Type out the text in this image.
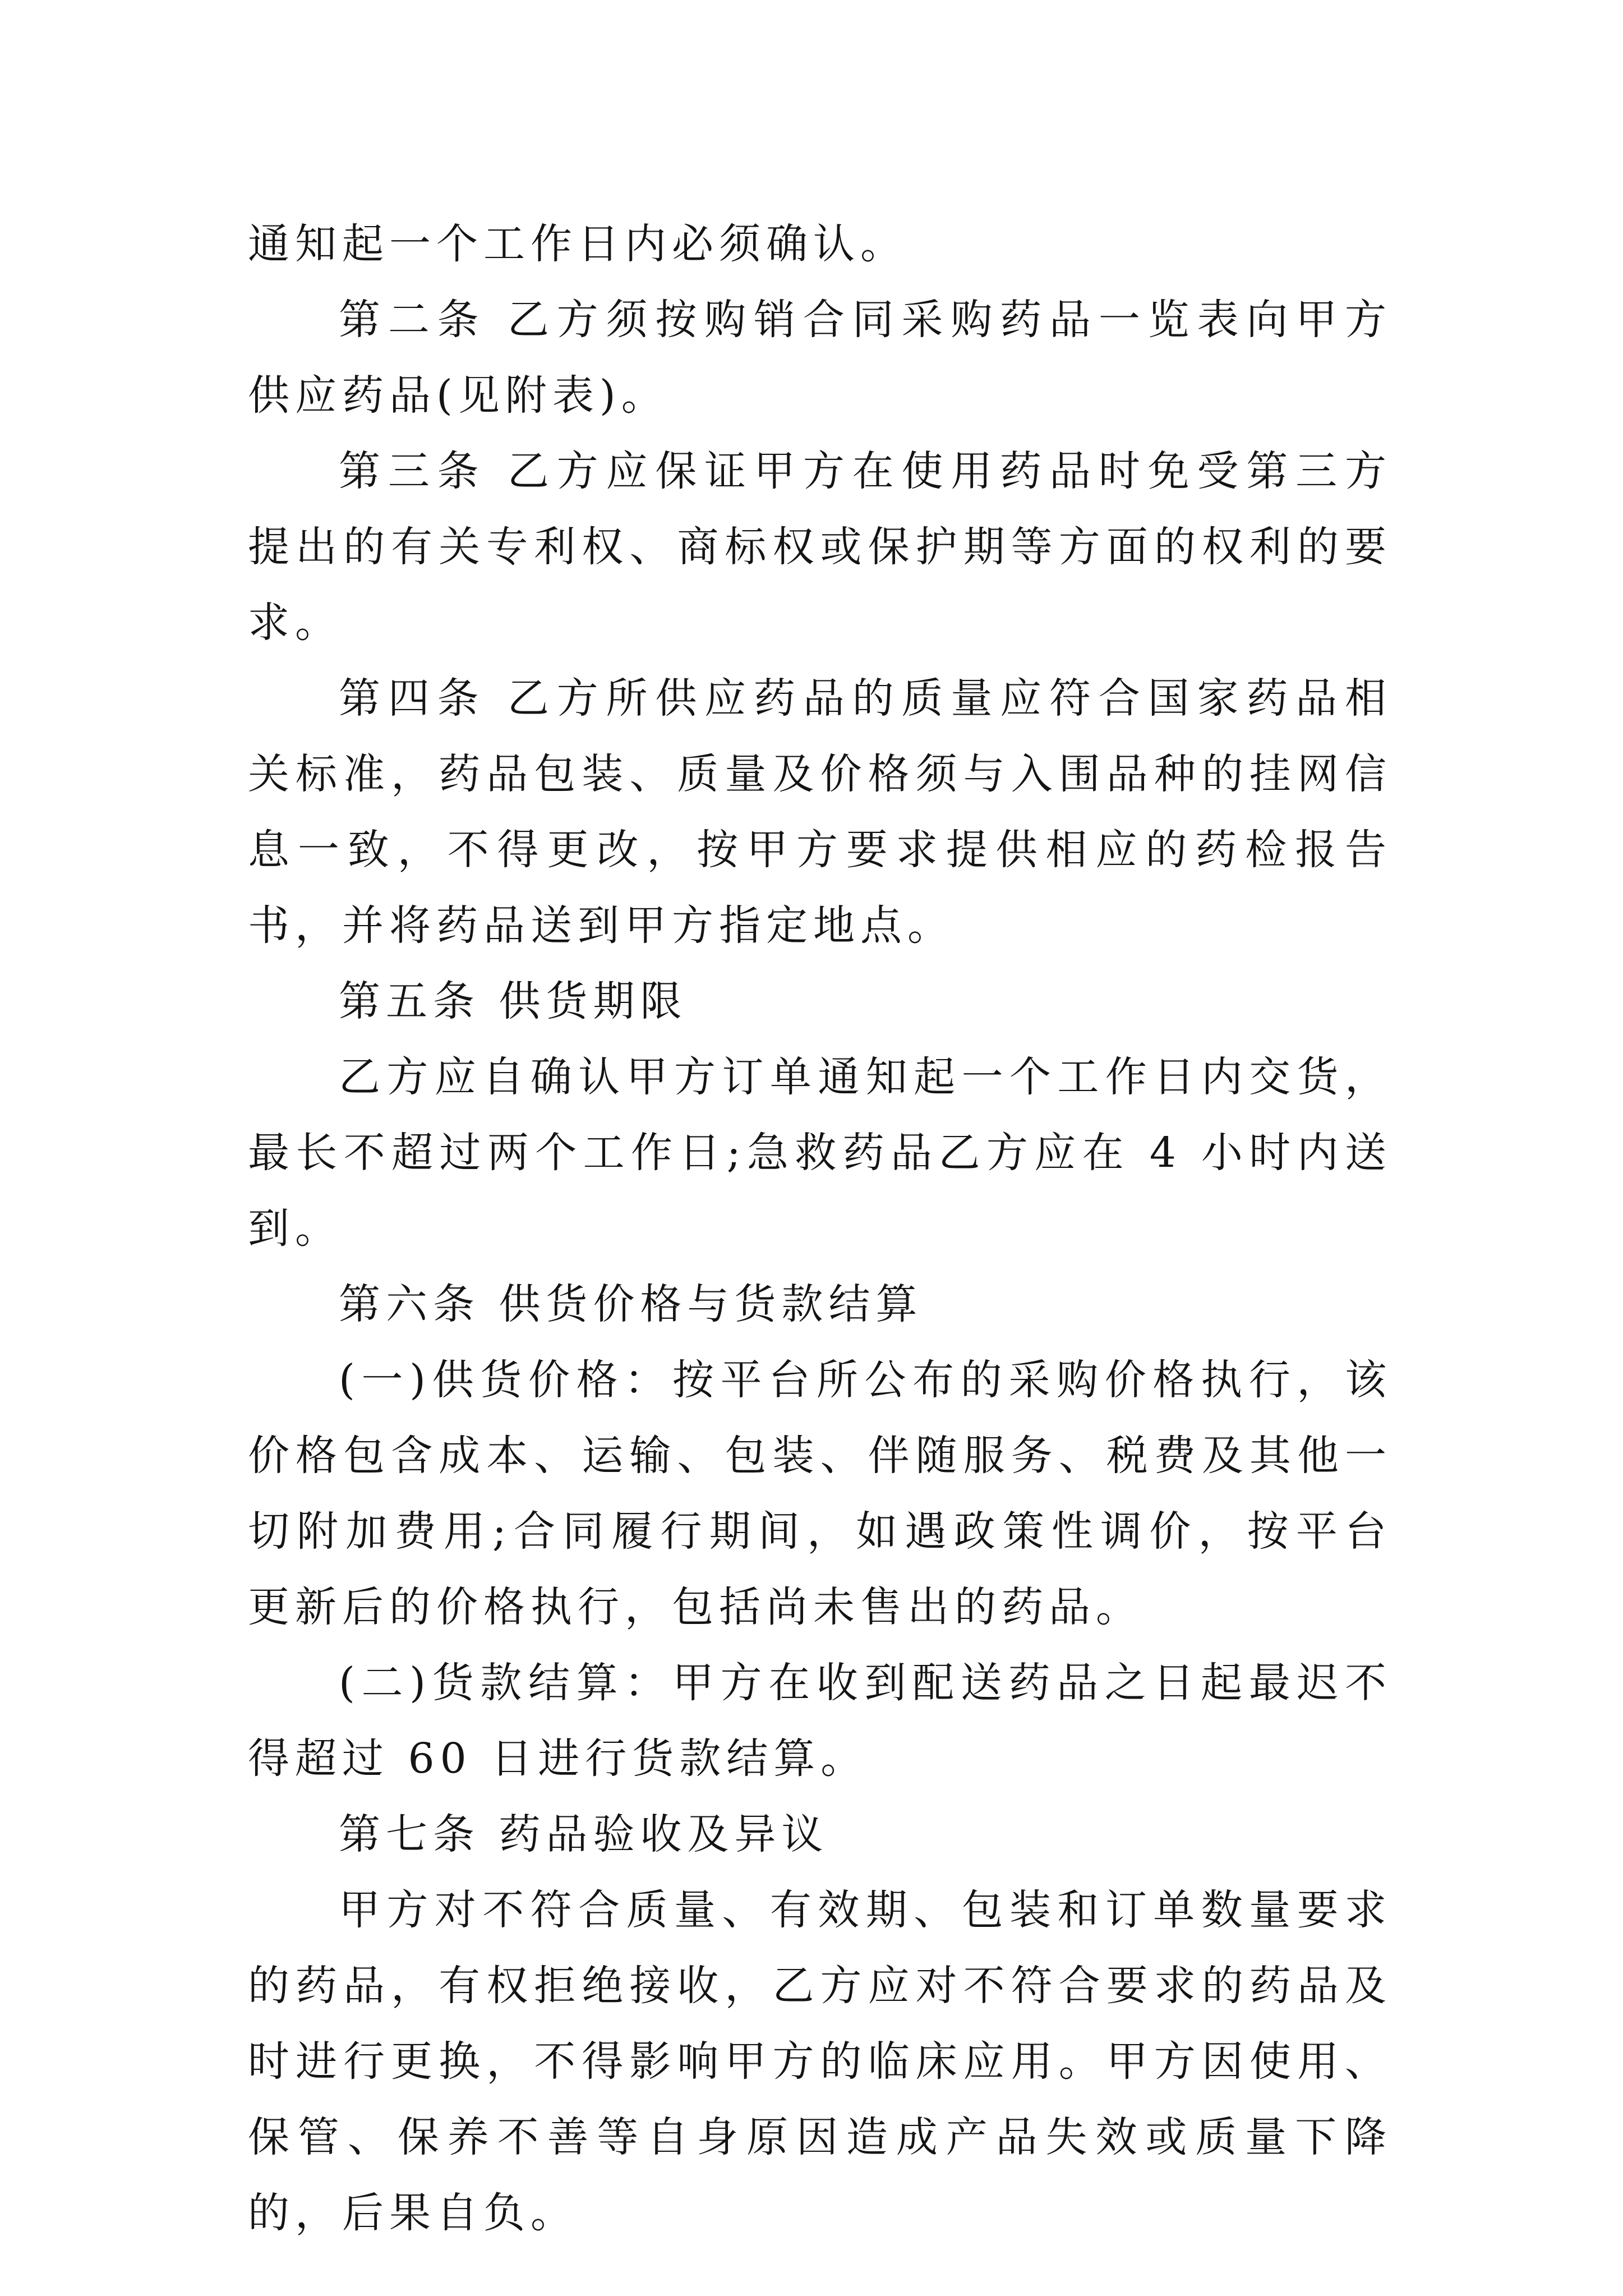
通知起一个工作日内必须确认。

第二条 乙方须按购销合同采购药品一览表向甲方供应药品(见附表)。

第三条 乙方应保证甲方在使用药品时免受第三方提出的有关专利权、商标权或保护期等方面的权利的要求。

第四条 乙方所供应药品的质量应符合国家药品相关标准，药品包装、质量及价格须与入围品种的挂网信息一致，不得更改，按甲方要求提供相应的药检报告书，并将药品送到甲方指定地点。

第五条 供货期限

乙方应自确认甲方订单通知起一个工作日内交货，最长不超过两个工作日;急救药品乙方应在 4 小时内送到。

第六条 供货价格与货款结算

(一)供货价格：按平台所公布的采购价格执行，该价格包含成本、运输、包装、伴随服务、税费及其他一切附加费用;合同履行期间，如遇政策性调价，按平台更新后的价格执行，包括尚未售出的药品。

(二)货款结算：甲方在收到配送药品之日起最迟不得超过 60 日进行货款结算。

第七条 药品验收及异议

甲方对不符合质量、有效期、包装和订单数量要求的药品，有权拒绝接收，乙方应对不符合要求的药品及时进行更换，不得影响甲方的临床应用。甲方因使用、保管、保养不善等自身原因造成产品失效或质量下降的，后果自负。
